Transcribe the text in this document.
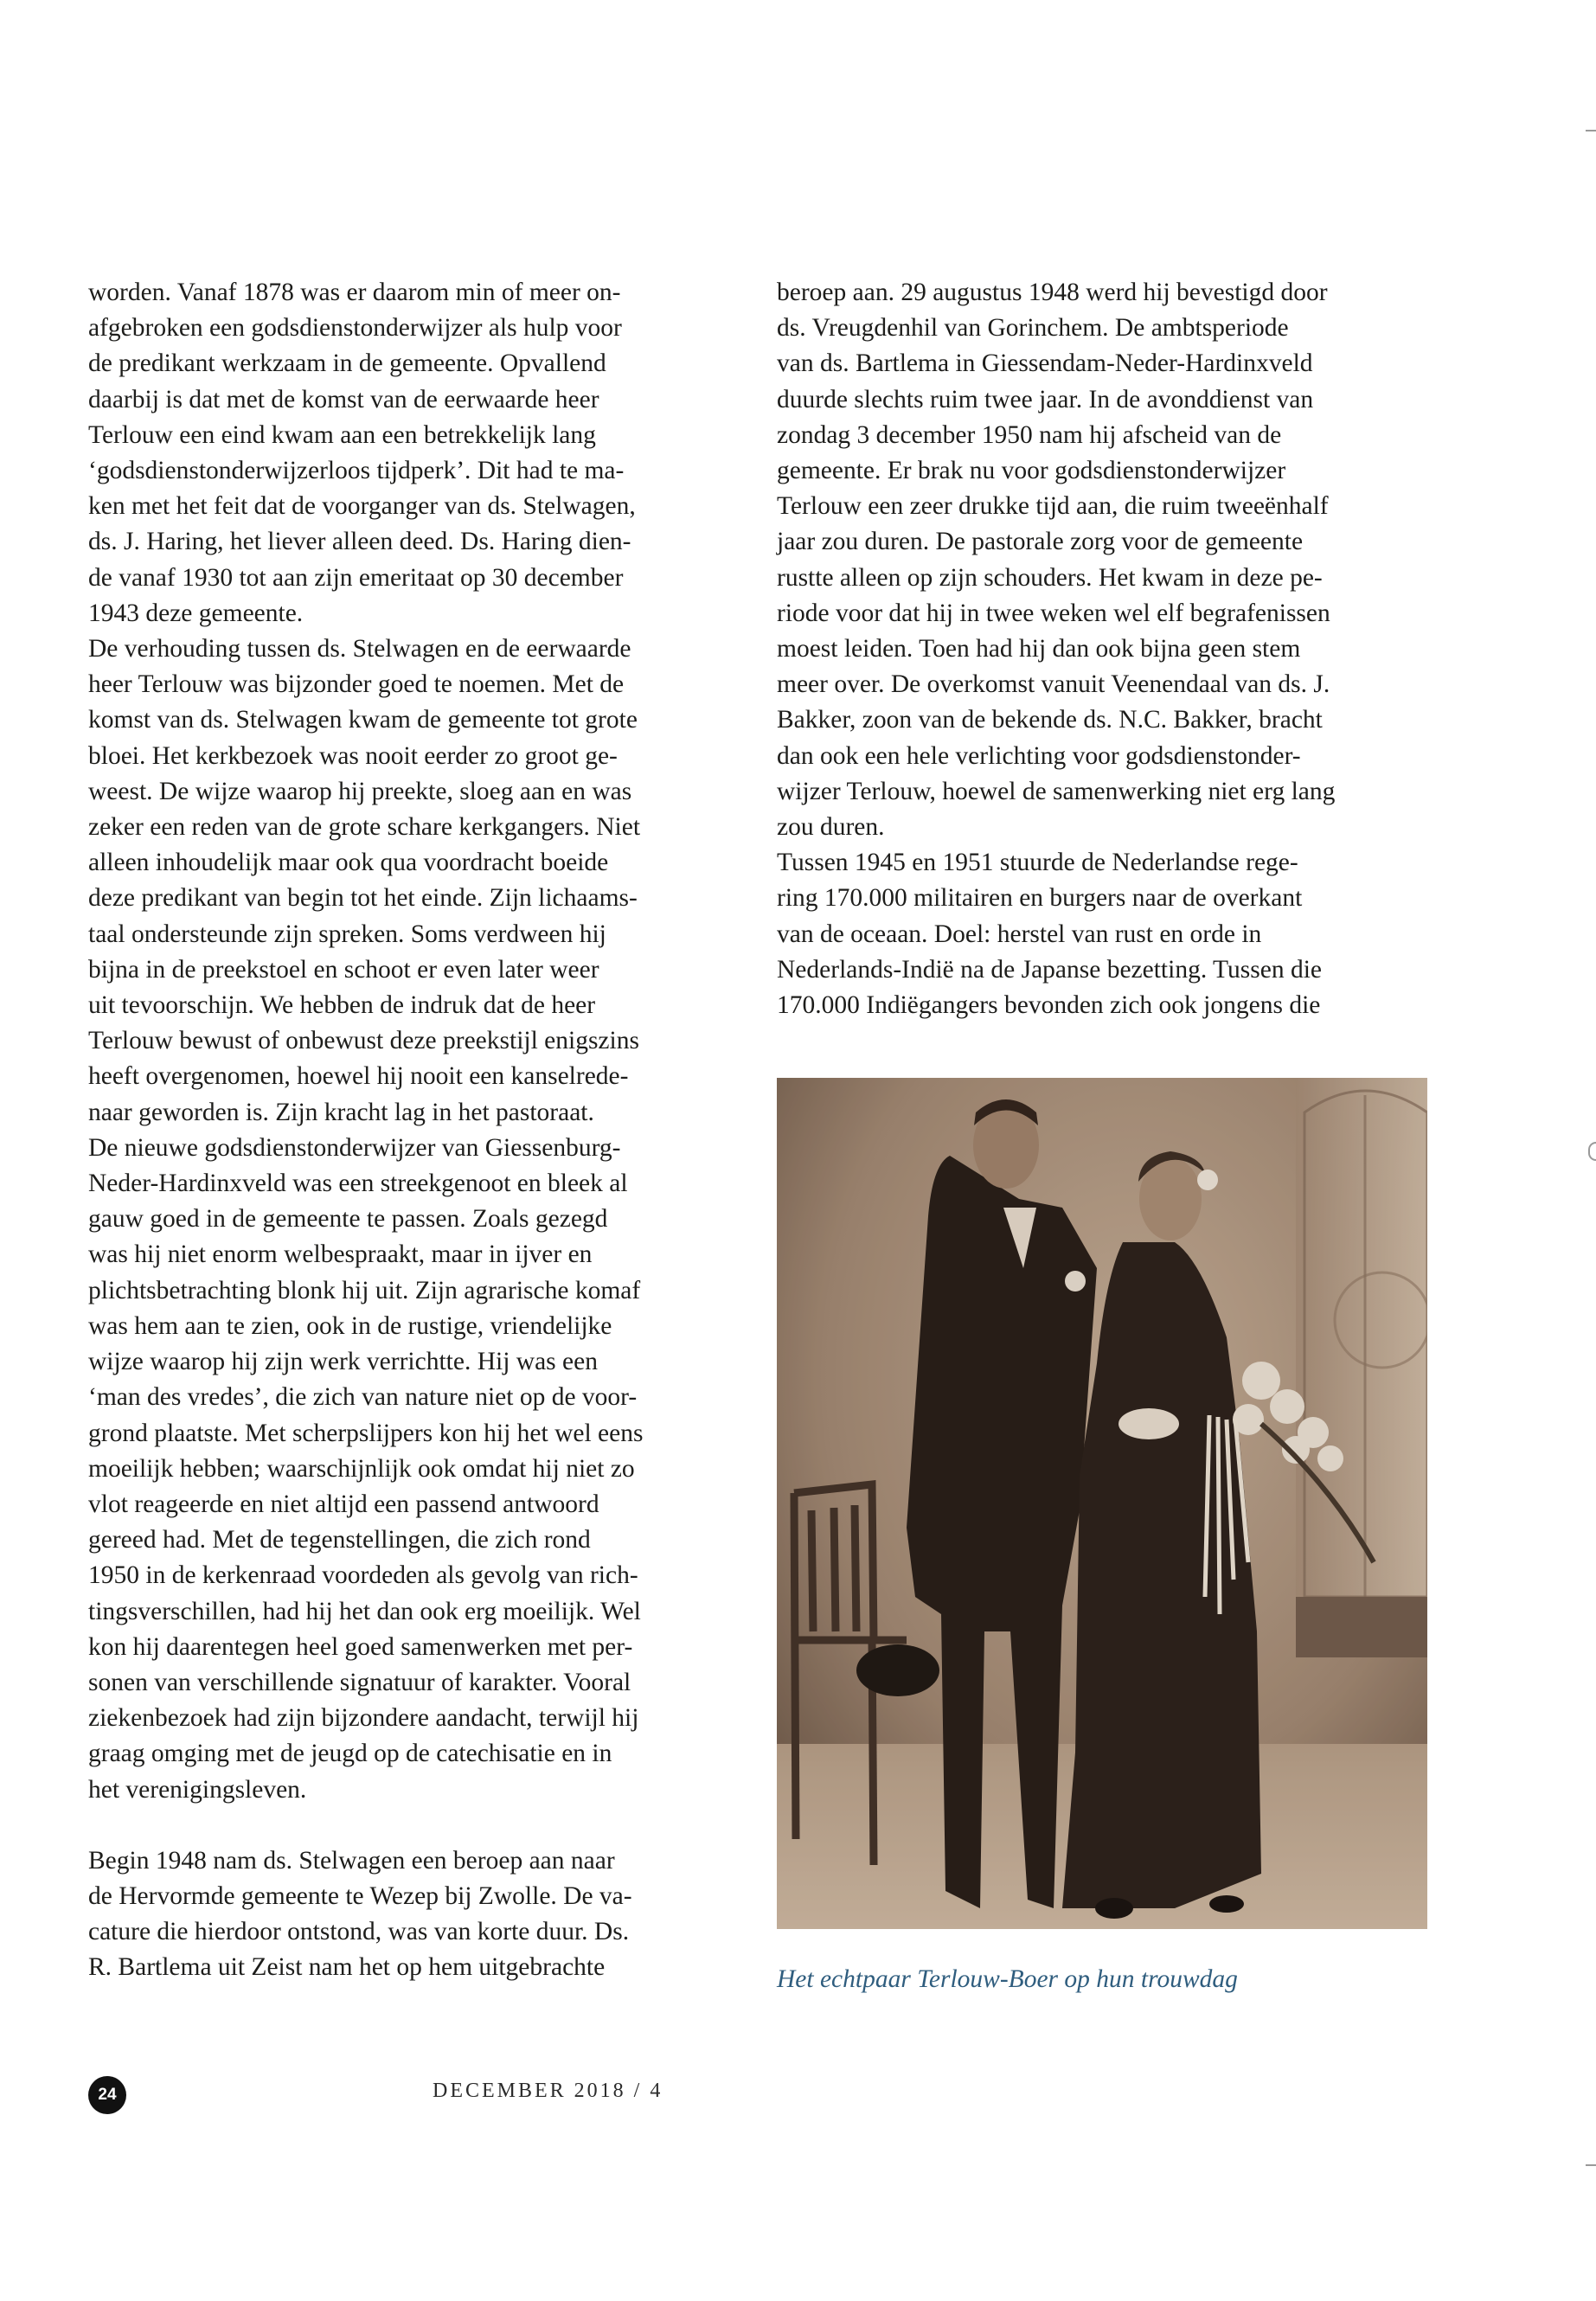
worden. Vanaf 1878 was er daarom min of meer on-

afgebroken een godsdienstonderwijzer als hulp voor

de predikant werkzaam in de gemeente. Opvallend

daarbij is dat met de komst van de eerwaarde heer

Terlouw een eind kwam aan een betrekkelijk lang

‘godsdienstonderwijzerloos tijdperk’. Dit had te ma-

ken met het feit dat de voorganger van ds. Stelwagen,

ds. J. Haring, het liever alleen deed. Ds. Haring dien-

de vanaf 1930 tot aan zijn emeritaat op 30 december

1943 deze gemeente.

De verhouding tussen ds. Stelwagen en de eerwaarde

heer Terlouw was bijzonder goed te noemen. Met de

komst van ds. Stelwagen kwam de gemeente tot grote

bloei. Het kerkbezoek was nooit eerder zo groot ge-

weest. De wijze waarop hij preekte, sloeg aan en was

zeker een reden van de grote schare kerkgangers. Niet

alleen inhoudelijk maar ook qua voordracht boeide

deze predikant van begin tot het einde. Zijn lichaams-

taal ondersteunde zijn spreken. Soms verdween hij

bijna in de preekstoel en schoot er even later weer

uit tevoorschijn. We hebben de indruk dat de heer

Terlouw bewust of onbewust deze preekstijl enigszins

heeft overgenomen, hoewel hij nooit een kanselrede-

naar geworden is. Zijn kracht lag in het pastoraat.

De nieuwe godsdienstonderwijzer van Giessenburg-

Neder-Hardinxveld was een streekgenoot en bleek al

gauw goed in de gemeente te passen. Zoals gezegd

was hij niet enorm welbespraakt, maar in ijver en

plichtsbetrachting blonk hij uit. Zijn agrarische komaf

was hem aan te zien, ook in de rustige, vriendelijke

wijze waarop hij zijn werk verrichtte. Hij was een

‘man des vredes’, die zich van nature niet op de voor-

grond plaatste. Met scherpslijpers kon hij het wel eens

moeilijk hebben; waarschijnlijk ook omdat hij niet zo

vlot reageerde en niet altijd een passend antwoord

gereed had. Met de tegenstellingen, die zich rond

1950 in de kerkenraad voordeden als gevolg van rich-

tingsverschillen, had hij het dan ook erg moeilijk. Wel

kon hij daarentegen heel goed samenwerken met per-

sonen van verschillende signatuur of karakter. Vooral

ziekenbezoek had zijn bijzondere aandacht, terwijl hij

graag omging met de jeugd op de catechisatie en in

het verenigingsleven.

Begin 1948 nam ds. Stelwagen een beroep aan naar

de Hervormde gemeente te Wezep bij Zwolle. De va-

cature die hierdoor ontstond, was van korte duur. Ds.

R. Bartlema uit Zeist nam het op hem uitgebrachte

beroep aan. 29 augustus 1948 werd hij bevestigd door

ds. Vreugdenhil van Gorinchem. De ambtsperiode

van ds. Bartlema in Giessendam-Neder-Hardinxveld

duurde slechts ruim twee jaar. In de avonddienst van

zondag 3 december 1950 nam hij afscheid van de

gemeente. Er brak nu voor godsdienstonderwijzer

Terlouw een zeer drukke tijd aan, die ruim tweeënhalf

jaar zou duren. De pastorale zorg voor de gemeente

rustte alleen op zijn schouders. Het kwam in deze pe-

riode voor dat hij in twee weken wel elf begrafenissen

moest leiden. Toen had hij dan ook bijna geen stem

meer over. De overkomst vanuit Veenendaal van ds. J.

Bakker, zoon van de bekende ds. N.C. Bakker, bracht

dan ook een hele verlichting voor godsdienstonder-

wijzer Terlouw, hoewel de samenwerking niet erg lang

zou duren.

Tussen 1945 en 1951 stuurde de Nederlandse rege-

ring 170.000 militairen en burgers naar de overkant

van de oceaan. Doel: herstel van rust en orde in

Nederlands-Indië na de Japanse bezetting. Tussen die

170.000 Indiëgangers bevonden zich ook jongens die

Het echtpaar Terlouw-Boer op hun trouwdag
24	DECEMBER 2018 / 4
